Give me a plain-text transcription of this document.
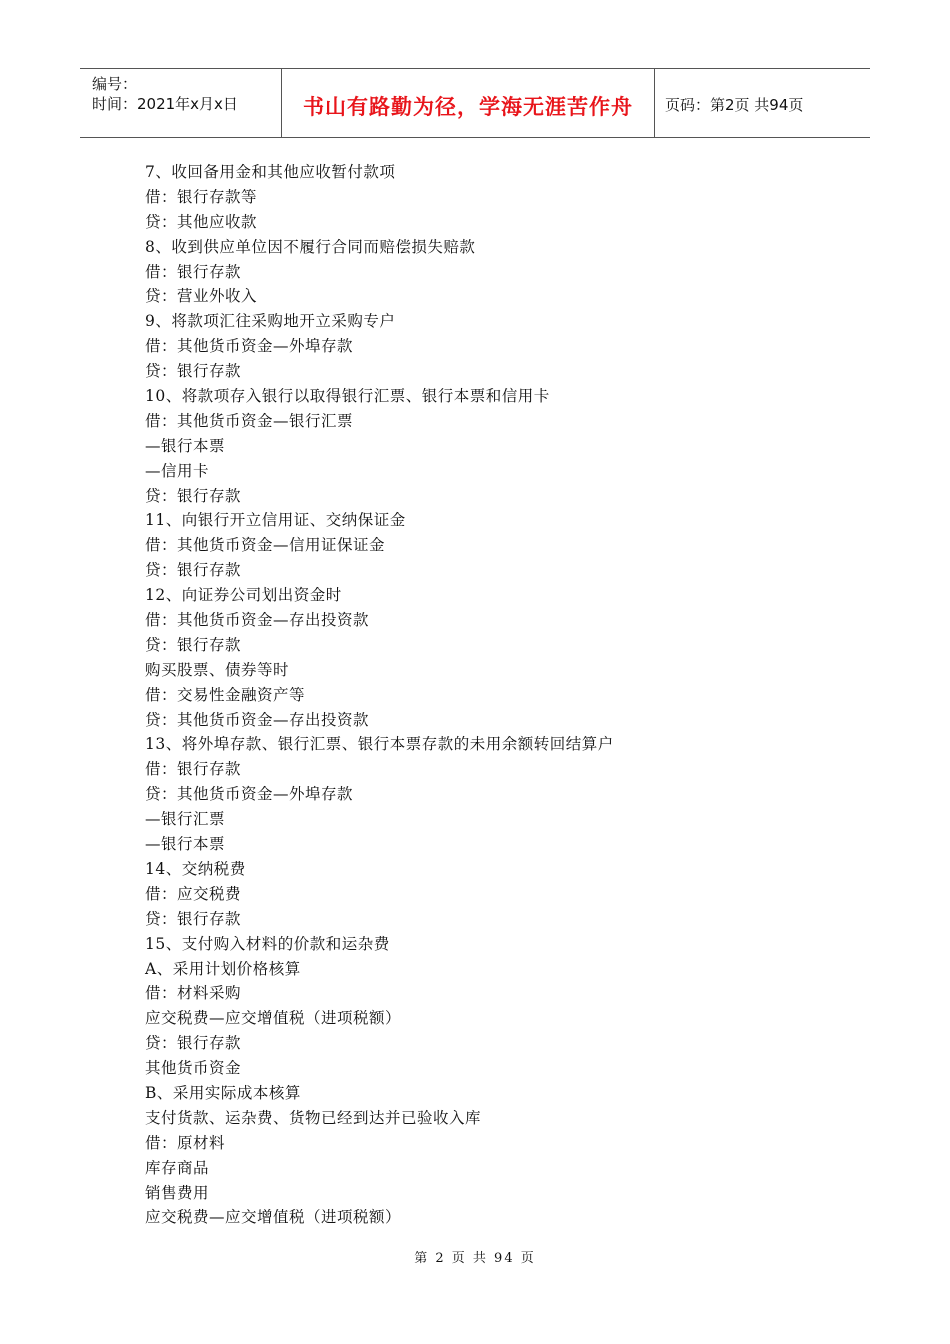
编号：
时间：2021年x月x日	书山有路勤为径，学海无涯苦作舟	页码：第2页 共94页
7、收回备用金和其他应收暂付款项
借：银行存款等
贷：其他应收款
8、收到供应单位因不履行合同而赔偿损失赔款
借：银行存款
贷：营业外收入
9、将款项汇往采购地开立采购专户
借：其他货币资金—外埠存款
贷：银行存款
10、将款项存入银行以取得银行汇票、银行本票和信用卡
借：其他货币资金—银行汇票
—银行本票
—信用卡
贷：银行存款
11、向银行开立信用证、交纳保证金
借：其他货币资金—信用证保证金
贷：银行存款
12、向证券公司划出资金时
借：其他货币资金—存出投资款
贷：银行存款
购买股票、债券等时
借：交易性金融资产等
贷：其他货币资金—存出投资款
13、将外埠存款、银行汇票、银行本票存款的未用余额转回结算户
借：银行存款
贷：其他货币资金—外埠存款
—银行汇票
—银行本票
14、交纳税费
借：应交税费
贷：银行存款
15、支付购入材料的价款和运杂费
A、采用计划价格核算
借：材料采购
应交税费—应交增值税（进项税额）
贷：银行存款
其他货币资金
B、采用实际成本核算
支付货款、运杂费、货物已经到达并已验收入库
借：原材料
库存商品
销售费用
应交税费—应交增值税（进项税额）
第 2 页 共 94 页
